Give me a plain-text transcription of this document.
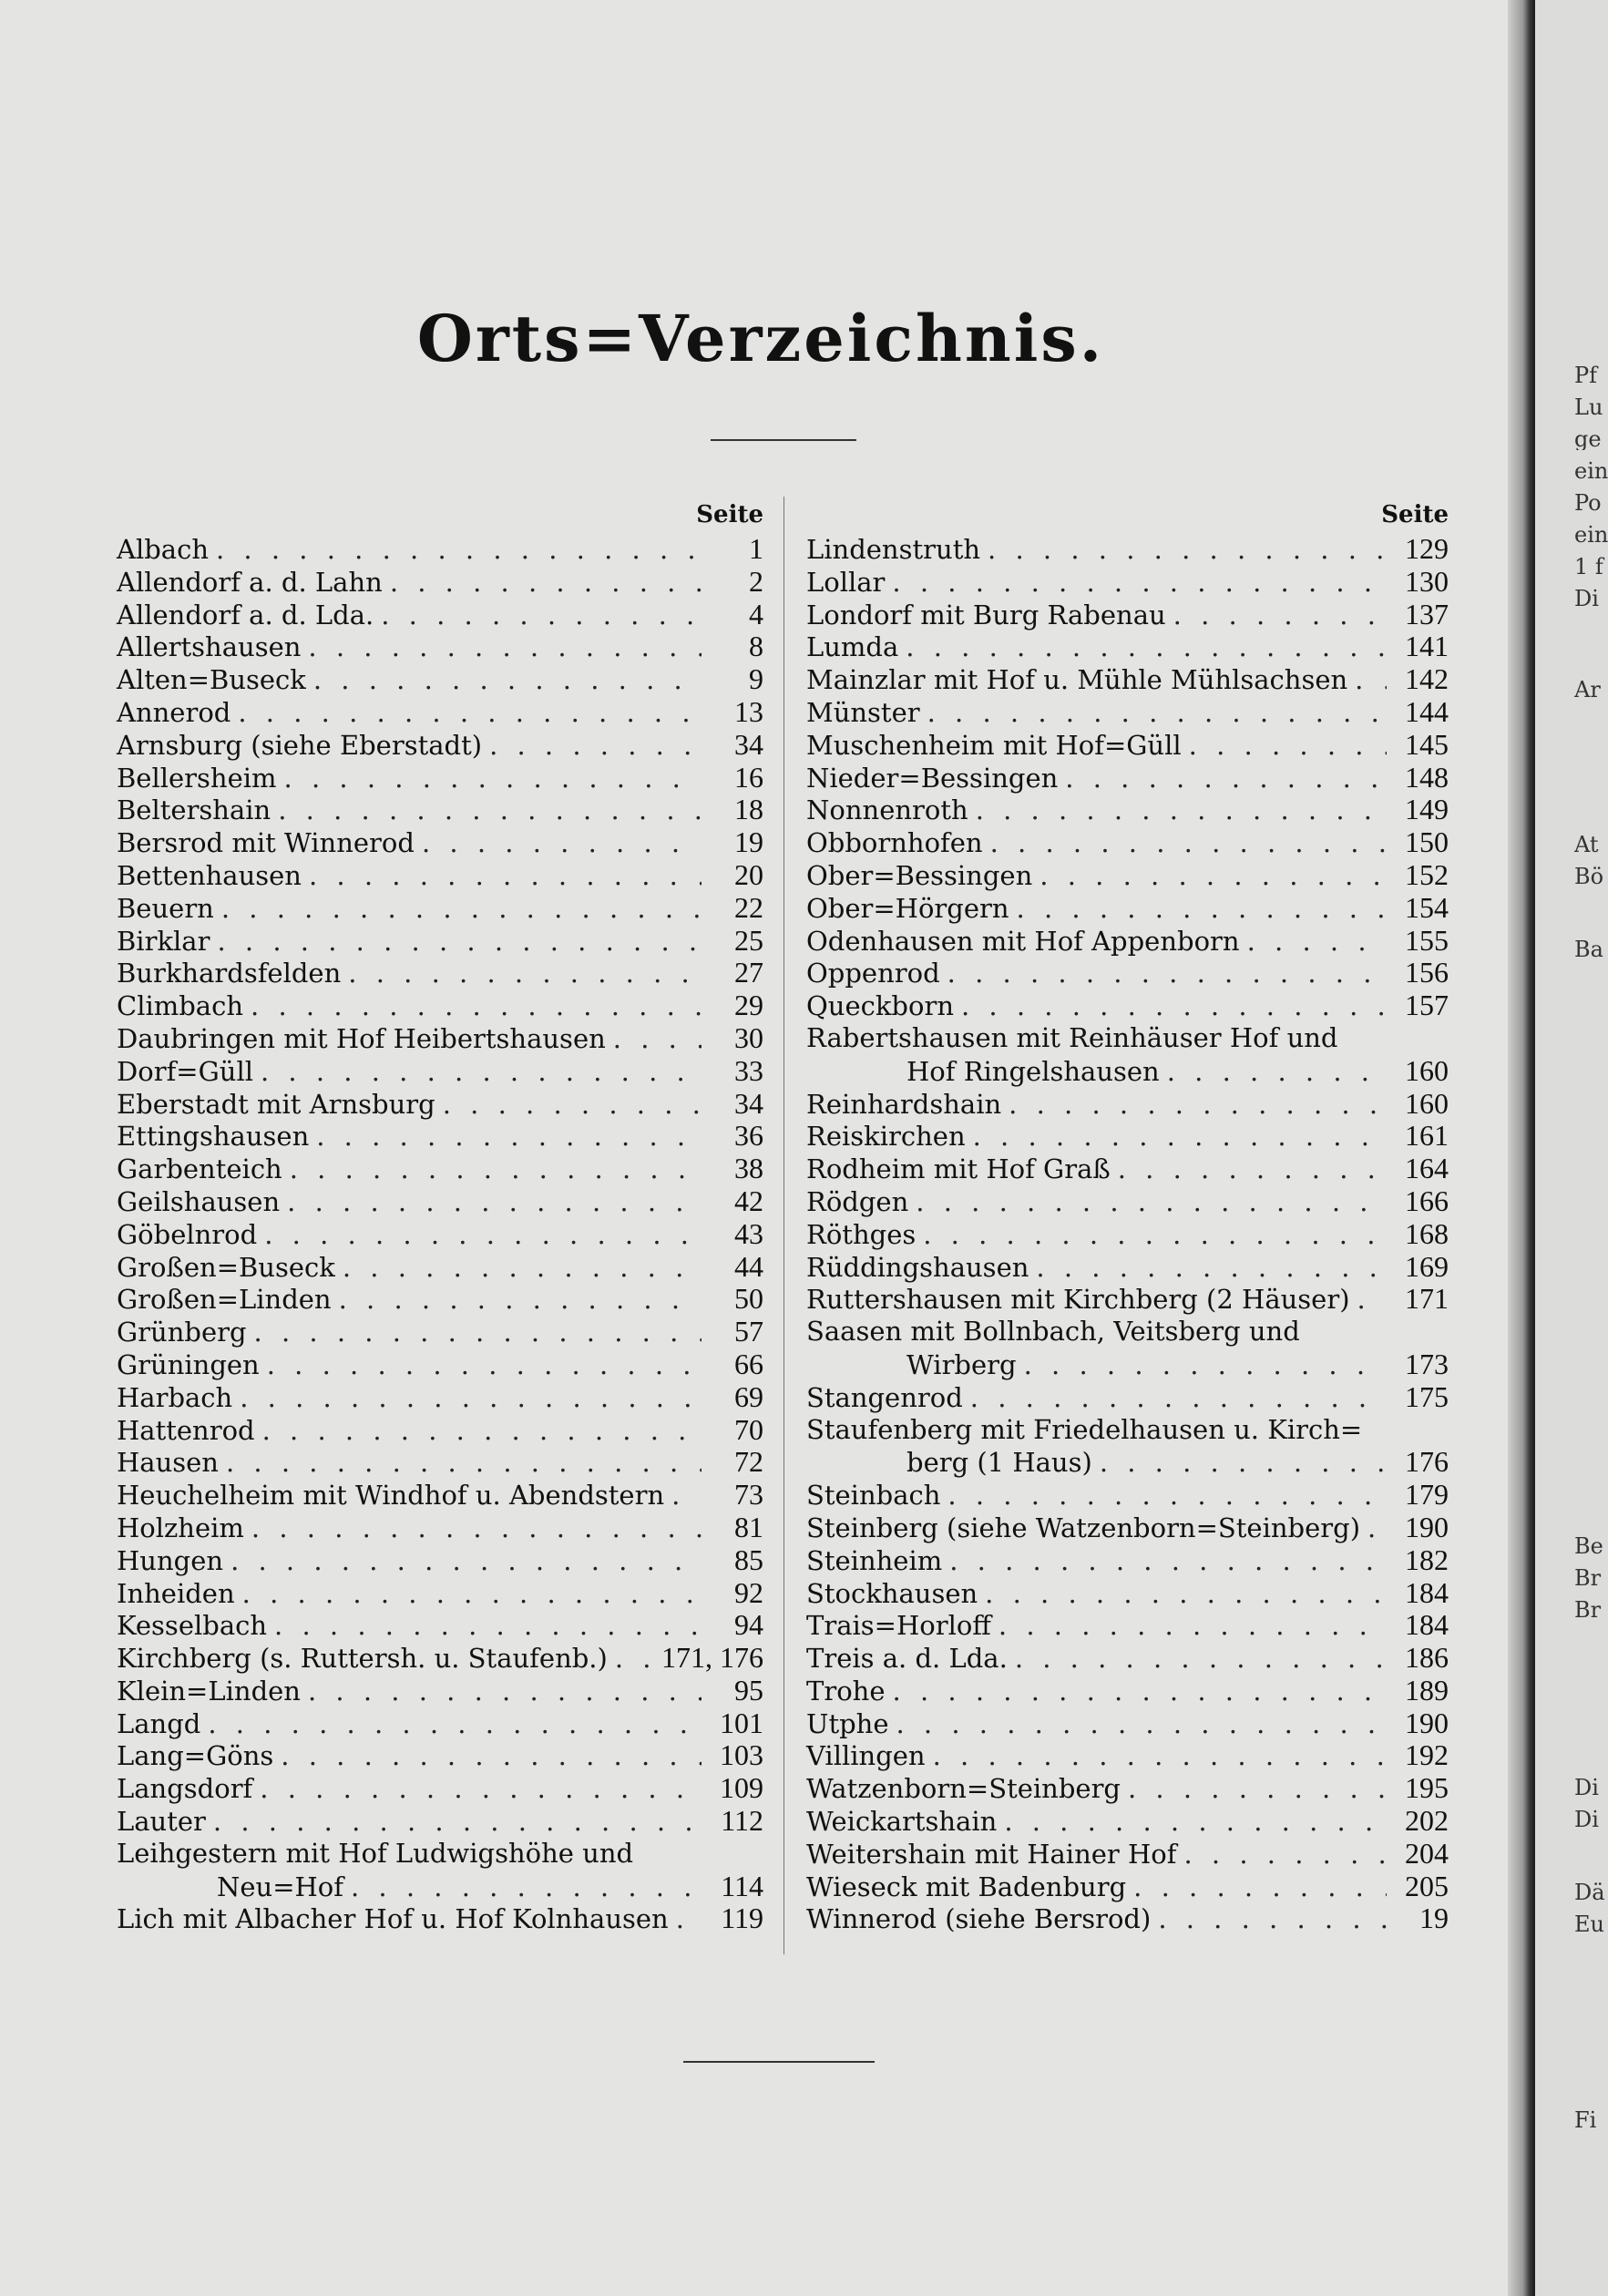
Orts=Verzeichnis.
Seite
Albach . . .	1
Allendorf a. d. Lahn . . .	2
Allendorf a. d. Lda. . . .	4
Allertshausen . . .	8
Alten=Buseck . . .	9
Annerod . . .	13
Arnsburg (siehe Eberstadt) . . .	34
Bellersheim . . .	16
Beltershain . . .	18
Bersrod mit Winnerod . . .	19
Bettenhausen . . .	20
Beuern . . .	22
Birklar . . .	25
Burkhardsfelden . . .	27
Climbach . . .	29
Daubringen mit Hof Heibertshausen . . .	30
Dorf=Güll . . .	33
Eberstadt mit Arnsburg . . .	34
Ettingshausen . . .	36
Garbenteich . . .	38
Geilshausen . . .	42
Göbelnrod . . .	43
Großen=Buseck . . .	44
Großen=Linden . . .	50
Grünberg . . .	57
Grüningen . . .	66
Harbach . . .	69
Hattenrod . . .	70
Hausen . . .	72
Heuchelheim mit Windhof u. Abendstern . . .	73
Holzheim . . .	81
Hungen . . .	85
Inheiden . . .	92
Kesselbach . . .	94
Kirchberg (s. Ruttersh. u. Staufenb.) . . . 171, 176
Klein=Linden . . .	95
Langd . . .	101
Lang=Göns . . .	103
Langsdorf . . .	109
Lauter . . .	112
Leihgestern mit Hof Ludwigshöhe und
Neu=Hof . . .	114
Lich mit Albacher Hof u. Hof Kolnhausen . . .	119
Seite
Lindenstruth . . .	129
Lollar . . .	130
Londorf mit Burg Rabenau . . .	137
Lumda . . .	141
Mainzlar mit Hof u. Mühle Mühlsachsen . . .	142
Münster . . .	144
Muschenheim mit Hof=Güll . . .	145
Nieder=Bessingen . . .	148
Nonnenroth . . .	149
Obbornhofen . . .	150
Ober=Bessingen . . .	152
Ober=Hörgern . . .	154
Odenhausen mit Hof Appenborn . . .	155
Oppenrod . . .	156
Queckborn . . .	157
Rabertshausen mit Reinhäuser Hof und
Hof Ringelshausen . . .	160
Reinhardshain . . .	160
Reiskirchen . . .	161
Rodheim mit Hof Graß . . .	164
Rödgen . . .	166
Röthges . . .	168
Rüddingshausen . . .	169
Ruttershausen mit Kirchberg (2 Häuser) . . .	171
Saasen mit Bollnbach, Veitsberg und
Wirberg . . .	173
Stangenrod . . .	175
Staufenberg mit Friedelhausen u. Kirch=
berg (1 Haus) . . .	176
Steinbach . . .	179
Steinberg (siehe Watzenborn=Steinberg) . . .	190
Steinheim . . .	182
Stockhausen . . .	184
Trais=Horloff . . .	184
Treis a. d. Lda. . . .	186
Trohe . . .	189
Utphe . . .	190
Villingen . . .	192
Watzenborn=Steinberg . . .	195
Weickartshain . . .	202
Weitershain mit Hainer Hof . . .	204
Wieseck mit Badenburg . . .	205
Winnerod (siehe Bersrod) . . .	19
Pf
Lu
ge
ein
Po
ein
1 f
Di
Ar
At
Bö
Ba
Be
Br
Br
Di
Di
Dä
Eu
Fi
